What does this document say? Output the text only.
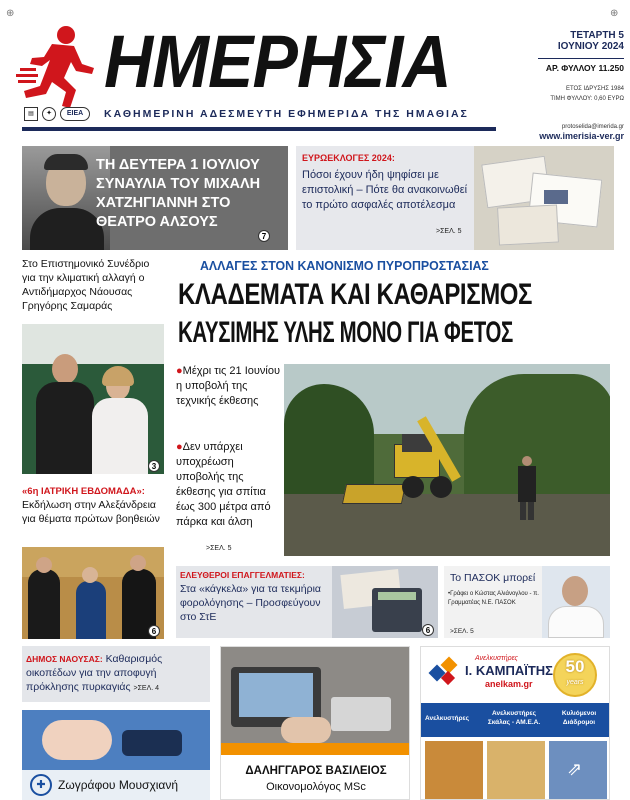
⊕	⊕
ΗΜΕΡΗΣΙΑ	ΤΕΤΑΡΤΗ 5
ΙΟΥΝΙΟΥ 2024
ΑΡ. ΦΥΛΛΟΥ 11.250
ΕΤΟΣ ΙΔΡΥΣΗΣ 1984
ΤΙΜΗ ΦΥΛΛΟΥ: 0,60 ΕΥΡΩ
▤	✦	ΕΙΕΑ	ΚΑΘΗΜΕΡΙΝΗ ΑΔΕΣΜΕΥΤΗ ΕΦΗΜΕΡΙΔΑ ΤΗΣ ΗΜΑΘΙΑΣ
protoselida@imerida.gr
www.imerisia-ver.gr
ΤΗ ΔΕΥΤΕΡΑ 1 ΙΟΥΛΙΟΥ ΣΥΝΑΥΛΙΑ ΤΟΥ ΜΙΧΑΛΗ ΧΑΤΖΗΓΙΑΝΝΗ ΣΤΟ ΘΕΑΤΡΟ ΑΛΣΟΥΣ
7
ΕΥΡΩΕΚΛΟΓΕΣ 2024:
Πόσοι έχουν ήδη ψηφίσει με επιστολική – Πότε θα ανακοινωθεί το πρώτο ασφαλές αποτέλεσμα
>ΣΕΛ. 5
Στο Επιστημονικό Συνέδριο για την κλιματική αλλαγή ο Αντιδήμαρχος Νάουσας Γρηγόρης Σαμαράς
3
«6η ΙΑΤΡΙΚΗ ΕΒΔΟΜΑΔΑ»:
Εκδήλωση στην Αλεξάνδρεια για θέματα πρώτων βοηθειών
6
ΑΛΛΑΓΕΣ ΣΤΟΝ ΚΑΝΟΝΙΣΜΟ ΠΥΡΟΠΡΟΣΤΑΣΙΑΣ
ΚΛΑΔΕΜΑΤΑ ΚΑΙ ΚΑΘΑΡΙΣΜΟΣ
ΚΑΥΣΙΜΗΣ ΥΛΗΣ ΜΟΝΟ ΓΙΑ ΦΕΤΟΣ
●Μέχρι τις 21 Ιουνίου η υποβολή της τεχνικής έκθεσης
●Δεν υπάρχει υποχρέωση υποβολής της έκθεσης για σπίτια έως 300 μέτρα από πάρκα και άλση
>ΣΕΛ. 5
ΕΛΕΥΘΕΡΟΙ ΕΠΑΓΓΕΛΜΑΤΙΕΣ:
Στα «κάγκελα» για τα τεκμήρια φορολόγησης – Προσφεύγουν στο ΣτΕ
6
Το ΠΑΣΟΚ μπορεί
•Γράφει ο Κώστας Αλιάνογλου - π. Γραμματέας Ν.Ε. ΠΑΣΟΚ
>ΣΕΛ. 5
ΔΗΜΟΣ ΝΑΟΥΣΑΣ: Καθαρισμός οικοπέδων για την αποφυγή πρόκλησης πυρκαγιάς >ΣΕΛ. 4
✚	Ζωγράφου Μουσχιανή
ΔΑΛΗΓΓΑΡΟΣ ΒΑΣΙΛΕΙΟΣ
Οικονομολόγος MSc
Ανελκυστήρες
Ι. ΚΑΜΠΑΪΤΗΣ
anelkam.gr
50
years
Ανελκυστήρες
Ανελκυστήρες Σκάλας - ΑΜ.Ε.Α.
Κυλιόμενοι Διάδρομοι
⇗
